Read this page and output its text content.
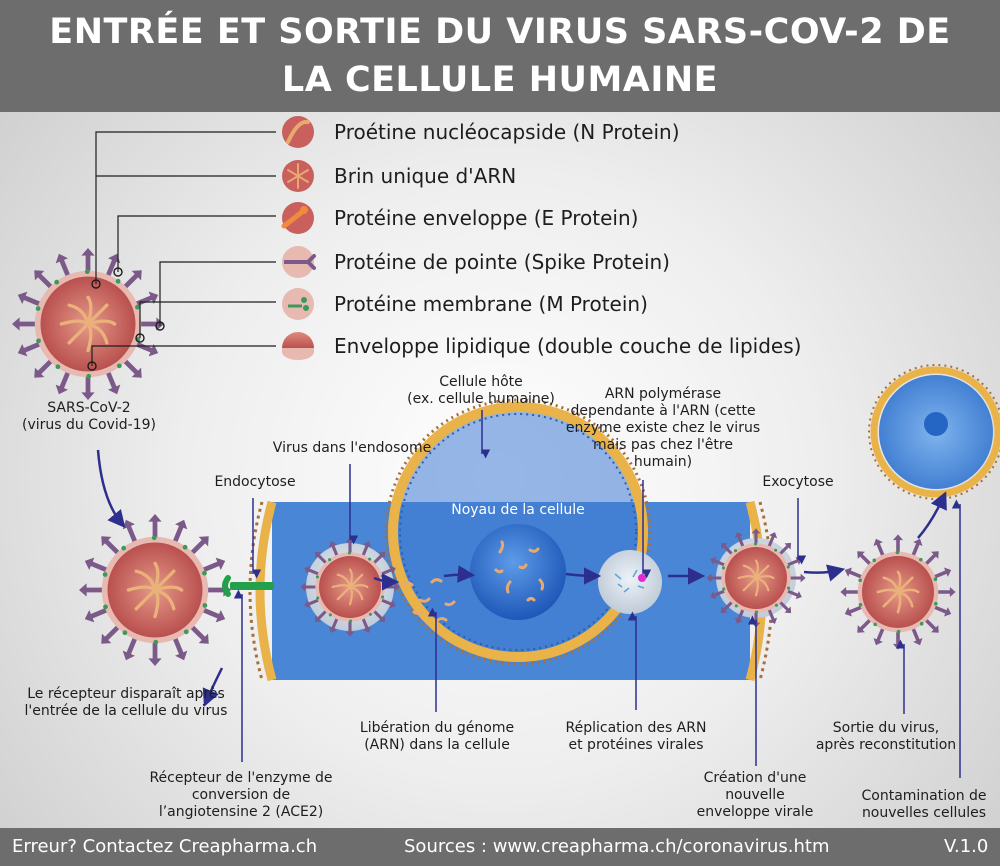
ENTRÉE ET SORTIE DU VIRUS SARS-COV-2 DE
LA CELLULE HUMAINE
Proétine nucléocapside (N Protein)
Brin unique d'ARN
Protéine enveloppe (E Protein)
Protéine de pointe (Spike Protein)
Protéine membrane (M Protein)
Enveloppe lipidique (double couche de lipides)
SARS-CoV-2
(virus du Covid-19)
Cellule hôte
(ex. cellule humaine)	ARN polymérase
dependante à l'ARN (cette
enzyme existe chez le virus
mais pas chez l'être
humain)
Virus dans l'endosome
Endocytose	Exocytose
Noyau de la cellule
Le récepteur disparaît après
l'entrée de la cellule du virus
Libération du génome
(ARN) dans la cellule
Réplication des ARN
et protéines virales
Sortie du virus,
après reconstitution
Récepteur de l'enzyme de
conversion de
l’angiotensine 2 (ACE2)
Création d'une
nouvelle
enveloppe virale
Contamination de
nouvelles cellules
Erreur? Contactez Creapharma.ch	Sources : www.creapharma.ch/coronavirus.htm	V.1.0
